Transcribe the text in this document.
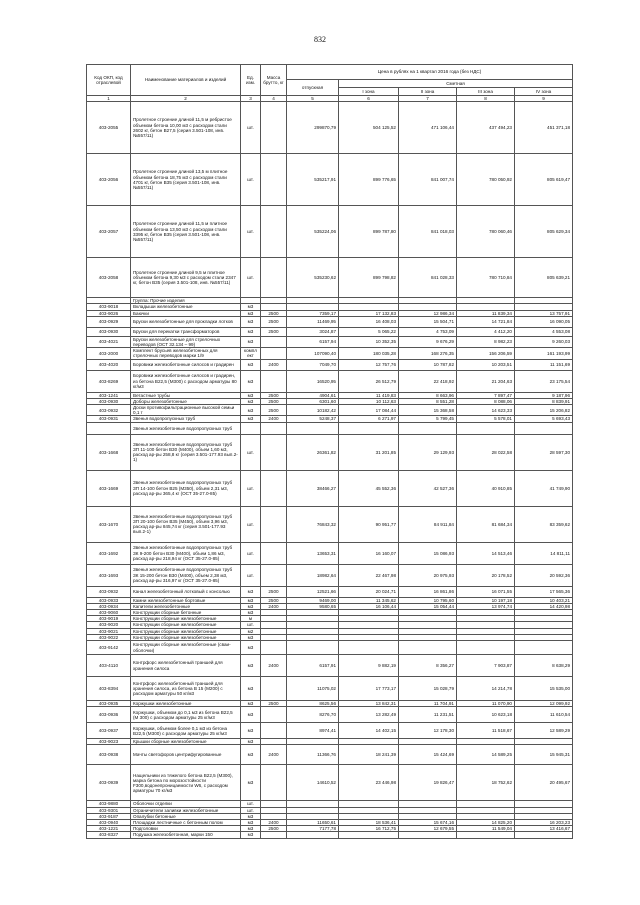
832
Код ОКП, код отраслевой	Наименование материалов и изделий	Ед. изм.	Масса брутто, кг	Цена в рублях на 1 квартал 2016 года (без НДС)				
				отпускная	Сметная			
					I зона	II зона	III зона	IV зона
1	2	3	4	5	6	7	8	9
403-2055	Пролетное строение длиной 11,5 м ребристое объемом бетона 10,00 м3 с расходом стали 2602 кг, бетон В27,5 (серия 3.501-108, инв. №557/11)	шт.		299870,79	504 125,52	471 106,44	437 494,23	451 371,18
403-2056	Пролетное строение длиной 13,5 м плитное объемом бетона 18,75 м3 с расходом стали 4701 кг, бетон В35 (серия 3.501-108, инв. №557/11)	шт.		535217,91	899 776,65	841 007,74	780 050,92	805 619,47
403-2057	Пролетное строение длиной 11,5 м плитное объемом бетона 13,50 м3 с расходом стали 3395 кг, бетон В35 (серия 3.501-108, инв. №557/11)	шт.		535224,06	899 787,80	841 018,03	780 060,46	805 629,34
403-2058	Пролетное строение длиной 9,5 м плитное объемом бетона 9,30 м3 с расходом стали 2347 кг, бетон В35 (серия 3.501-108, инв. №557/11)	шт.		535230,62	899 798,82	841 028,33	780 710,84	805 639,21
	Группа: Прочие изделия							
403-9018	Вкладыши железобетонные	м3						
403-9026	Баючки	м3	2500	7359,17	17 132,83	12 986,34	11 839,34	13 757,91
403-0929	Бруски железобетонные для прокладки лотков	м3	2500	11469,95	16 408,03	15 504,71	14 721,84	16 090,05
403-0930	Бруски для перекатки трансформаторов	м3	2500	3024,87	5 065,22	4 753,09	4 412,20	4 553,08
403-4021	Бруски железобетонные для стрелочных переводов (ОСТ 32.134 – 99)	м3		6157,94	10 352,35	9 676,29	8 982,23	9 260,03
403-2000	Комплект брусьев железобетонных для стрелочных переводов марки 1/9	компл ект		107090,40	180 035,28	168 276,35	156 206,59	161 193,99
403-4020	Боровики железобетонные силосов и градирен	м3	2400	7049,70	12 757,76	10 787,82	10 203,51	11 151,69
403-8269	Боровики железобетонные силосов и градирен, из бетона В22,5 (М300) с расходом арматуры 80 кг/м3	м3		16520,95	26 512,79	22 418,92	21 204,63	23 175,54
403-1241	Ветастные трубы	м3	2500	4904,61	11 419,83	8 663,96	7 897,47	9 187,96
403-0930	Доборы железобетонные	м3	2500	6301,60	10 112,63	8 551,28	8 088,06	8 839,91
403-0932	Доски противофильтрационные высокой семьи 0,1 т	м3	2500	10182,42	17 084,44	15 368,58	14 623,33	15 206,82
403-0931	Звенья водопропускных труб	м3	2400	5248,37	6 271,97	5 799,45	5 578,01	5 693,43
	Звенья железобетонные водопропускных труб							
403-1668	Звенья железобетонные водопропускных труб ЗП 11-100 бетон В30 (М400), объем 1,60 м3, расход ар-ры 258,8 кг (серия 3.501-177.93 вып.2-1)	шт.		26361,82	31 201,85	29 129,93	28 022,58	28 597,30
403-1669	Звенья железобетонные водопропускных труб ЗП 14-100 бетон В25 (М350), объем 2,31 м3, расход ар-ры 365,4 кг (ОСТ 35-27.0-85)	шт.		38466,27	45 552,36	42 527,36	40 910,85	41 749,90
403-1670	Звенья железобетонные водопропускных труб ЗП 20-100 бетон В35 (М450), объем 3,96 м3, расход ар-ры 845,74 кг (серия 3.501-177.93 вып.2-1)	шт.		76843,32	90 951,77	84 911,84	81 684,34	83 359,62
403-1692	Звенья железобетонные водопропускных труб ЗК 9-200 бетон В30 (М400), объем 1,86 м3, расход ар-ры 218,94 кг (ОСТ 35-27.0-85)	шт.		13653,31	16 160,07	15 086,93	14 513,46	14 811,11
403-1693	Звенья железобетонные водопропускных труб ЗК 15-200 бетон В30 (М400), объем 2,38 м3, расход ар-ры 316,97 кг (ОСТ 35-27.0-85)	шт.		18982,64	22 467,98	20 975,93	20 178,52	20 592,36
403-0932	Канал железобетонный лотковый с консолью	м3	2500	12521,66	20 024,71	16 861,86	16 071,55	17 565,36
403-0933	Камни железобетонные бортовые	м3	2500	9469,00	11 345,62	10 795,60	10 197,18	10 403,21
403-0934	Капители железобетонные	м3	2400	9580,65	16 106,44	15 054,44	13 974,74	14 420,98
403-9060	Конструкции сборные бетонные	м3						
403-9019	Конструкции сборные железобетонные	м						
403-9020	Конструкции сборные железобетонные	шт.						
403-9021	Конструкции сборные железобетонные	м2						
403-9022	Конструкции сборные железобетонные	м3						
403-9142	Конструкции сборные железобетонные (сваи-оболочки)	м3						
403-4110	Контрфорс железобетонный траншей для хранения силоса	м3	2400	6157,91	9 882,19	8 356,27	7 903,87	8 638,29
403-8394	Контрфорс железобетонный траншей для хранения силоса, из бетона В 15 (М200) с расходом арматуры 50 кг/м3	м3		11075,02	17 773,17	15 028,79	14 214,78	15 535,00
403-0935	Коржушки железобетонные	м3	2500	8625,56	13 842,31	11 704,91	11 070,90	12 099,92
403-0936	Коржушки, объемом до 0,1 м3 из бетона В22,5 (М 300) с расходом арматуры 25 кг/м3	м3		8276,70	13 282,49	11 231,51	10 623,18	11 610,54
403-0937	Коржушки, объемом более 0,1 м3 из бетона В22,5 (М300) с расходом арматуры 25 кг/м3	м3		8974,41	14 402,15	12 178,30	11 518,67	12 589,29
403-9023	Крышки сборные железобетонные	м3						
403-0938	Мачты светофоров центрифугированные	м3	2400	11366,76	18 241,39	15 424,69	14 589,25	15 945,31
403-0939	Нащельники из тяжелого бетона В22,5 (М300), марка бетона по морозостойкости F300,водонепроницаемости W6, с расходом арматуры 70 кг/м3	м3		14610,52	23 446,98	19 826,47	18 752,62	20 495,67
403-9880	Оболочки отделки	шт.						
403-9301	Ограничители заливки железобетонные	шт.						
403-9187	Опалубки бетонные	м3						
403-0940	Площадки лестничные с бетонным полом	м3	2400	11650,61	18 536,41	15 674,16	14 825,20	16 203,23
403-1221	Подголовки	м3	2500	7177,78	16 712,75	12 679,55	11 549,04	13 416,67
403-8327	Подушка железобетонная, марки 150	м3						
